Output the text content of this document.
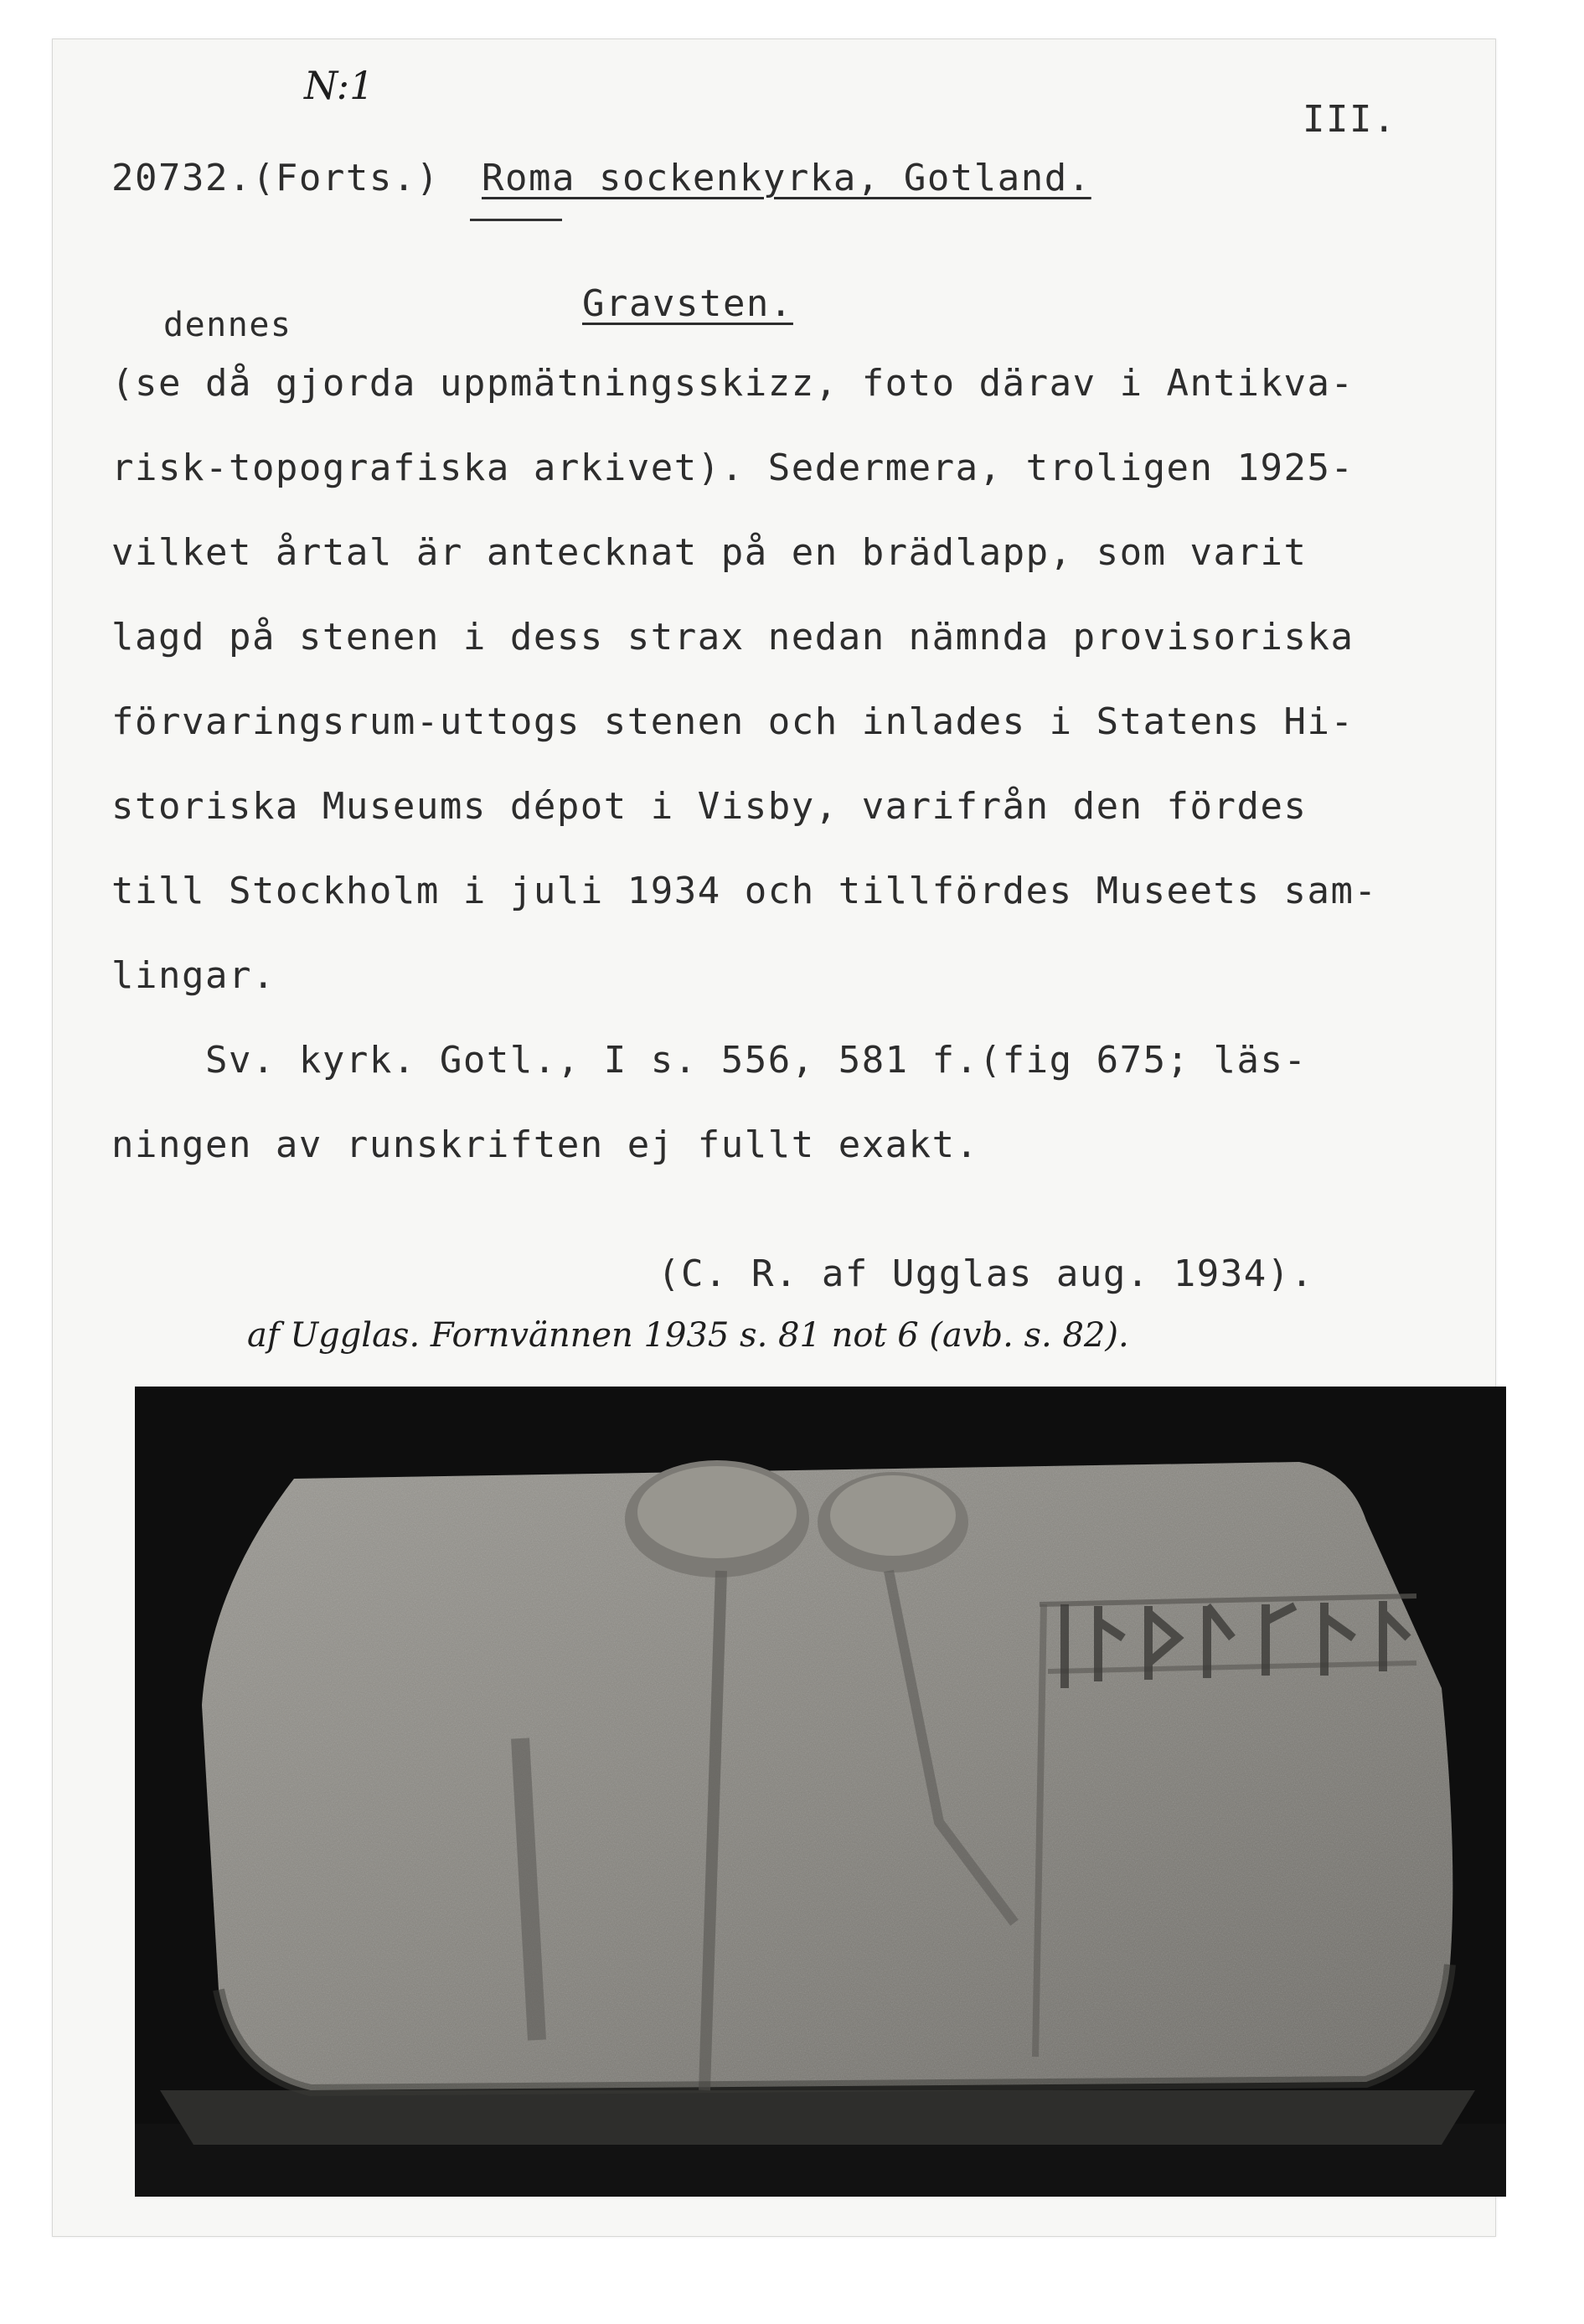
N:1
III.
20732.(Forts.) Roma sockenkyrka, Gotland.
Gravsten.
dennes
(se då gjorda uppmätningsskizz, foto därav i Antikva-
risk-topografiska arkivet). Sedermera, troligen 1925-
vilket årtal är antecknat på en brädlapp, som varit
lagd på stenen i dess strax nedan nämnda provisoriska
förvaringsrum-uttogs stenen och inlades i Statens Hi-
storiska Museums dépot i Visby, varifrån den fördes
till Stockholm i juli 1934 och tillfördes Museets sam-
lingar.
Sv. kyrk. Gotl., I s. 556, 581 f.(fig 675; läs-
ningen av runskriften ej fullt exakt.
(C. R. af Ugglas aug. 1934).
af Ugglas. Fornvännen 1935 s. 81 not 6 (avb. s. 82).
